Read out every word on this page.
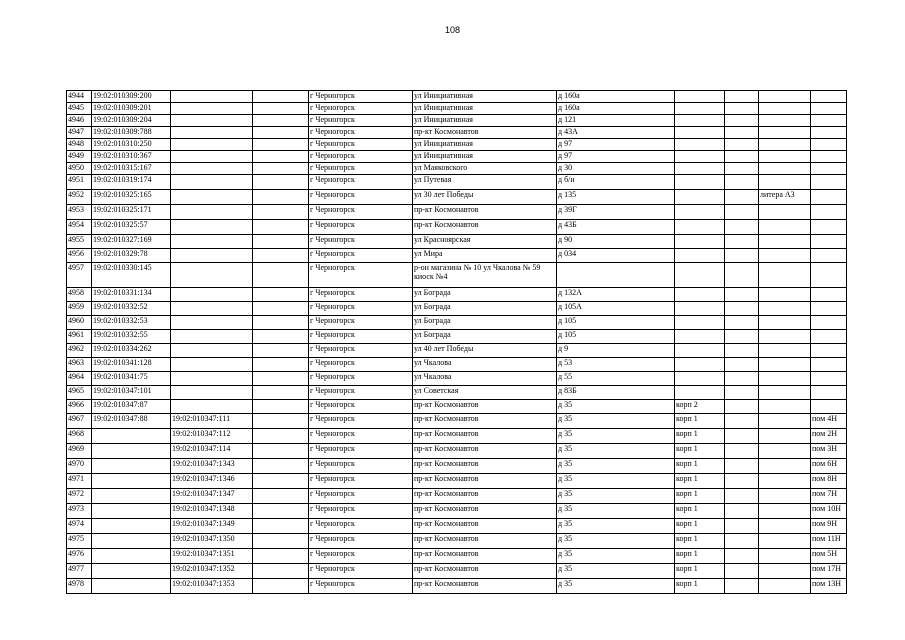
108
4944	19:02:010309:200			г Черногорск	ул Инициативная	д 160а				
4945	19:02:010309:201			г Черногорск	ул Инициативная	д 160а				
4946	19:02:010309:204			г Черногорск	ул Инициативная	д 121				
4947	19:02:010309:788			г Черногорск	пр-кт Космонавтов	д 43А				
4948	19:02:010310:250			г Черногорск	ул Инициативная	д 97				
4949	19:02:010310:367			г Черногорск	ул Инициативная	д 97				
4950	19:02:010315:167			г Черногорск	ул Маяковского	д 30				
4951	19:02:010319:174			г Черногорск	ул Путевая	д б/н				
4952	19:02:010325:165			г Черногорск	ул 30 лет Победы	д 135			литера А3	
4953	19:02:010325:171			г Черногорск	пр-кт Космонавтов	д 39Г				
4954	19:02:010325:57			г Черногорск	пр-кт Космонавтов	д 43Б				
4955	19:02:010327:169			г Черногорск	ул Красноярская	д 90				
4956	19:02:010329:78			г Черногорск	ул Мира	д 034				
4957	19:02:010330:145			г Черногорск	р-он магазина № 10 ул Чкалова № 59 киоск №4					
4958	19:02:010331:134			г Черногорск	ул Бограда	д 132А				
4959	19:02:010332:52			г Черногорск	ул Бограда	д 105А				
4960	19:02:010332:53			г Черногорск	ул Бограда	д 105				
4961	19:02:010332:55			г Черногорск	ул Бограда	д 105				
4962	19:02:010334:262			г Черногорск	ул 40 лет Победы	д 9				
4963	19:02:010341:128			г Черногорск	ул Чкалова	д 53				
4964	19:02:010341:75			г Черногорск	ул Чкалова	д 55				
4965	19:02:010347:101			г Черногорск	ул Советская	д 83Б				
4966	19:02:010347:87			г Черногорск	пр-кт Космонавтов	д 35	корп 2			
4967	19:02:010347:88	19:02:010347:111		г Черногорск	пр-кт Космонавтов	д 35	корп 1			пом 4Н
4968		19:02:010347:112		г Черногорск	пр-кт Космонавтов	д 35	корп 1			пом 2Н
4969		19:02:010347:114		г Черногорск	пр-кт Космонавтов	д 35	корп 1			пом 3Н
4970		19:02:010347:1343		г Черногорск	пр-кт Космонавтов	д 35	корп 1			пом 6Н
4971		19:02:010347:1346		г Черногорск	пр-кт Космонавтов	д 35	корп 1			пом 8Н
4972		19:02:010347:1347		г Черногорск	пр-кт Космонавтов	д 35	корп 1			пом 7Н
4973		19:02:010347:1348		г Черногорск	пр-кт Космонавтов	д 35	корп 1			пом 10Н
4974		19:02:010347:1349		г Черногорск	пр-кт Космонавтов	д 35	корп 1			пом 9Н
4975		19:02:010347:1350		г Черногорск	пр-кт Космонавтов	д 35	корп 1			пом 11Н
4976		19:02:010347:1351		г Черногорск	пр-кт Космонавтов	д 35	корп 1			пом 5Н
4977		19:02:010347:1352		г Черногорск	пр-кт Космонавтов	д 35	корп 1			пом 17Н
4978		19:02:010347:1353		г Черногорск	пр-кт Космонавтов	д 35	корп 1			пом 13Н
